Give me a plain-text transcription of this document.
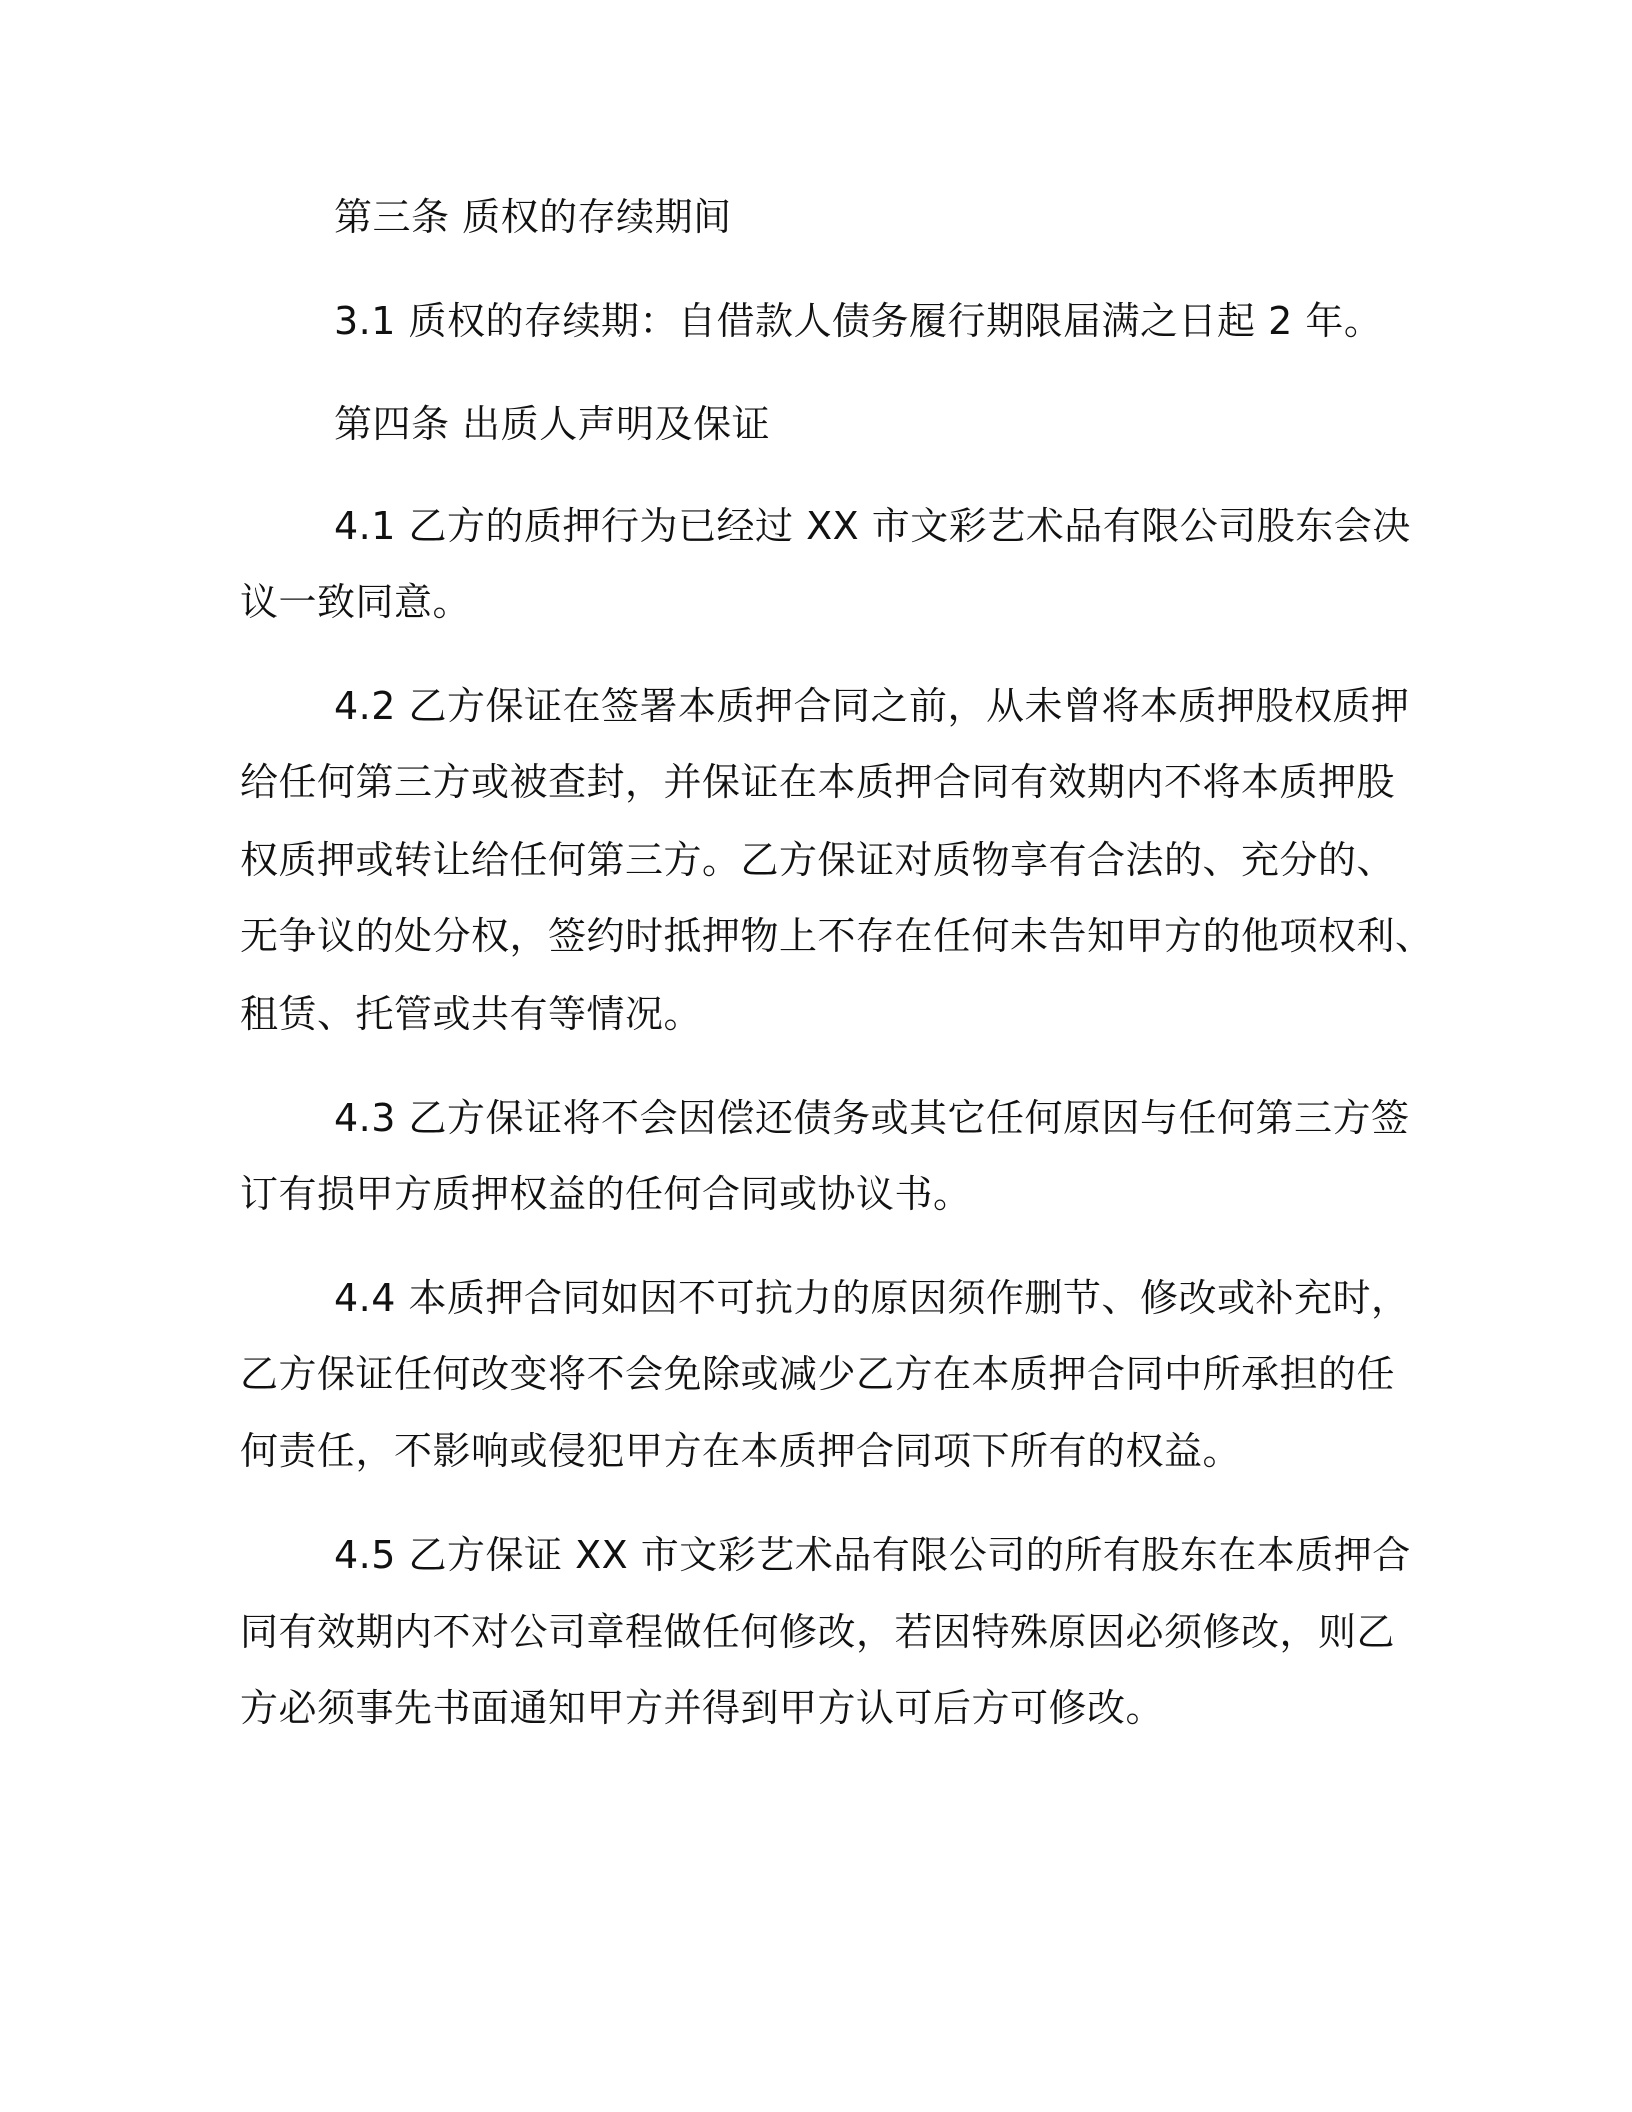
第三条 质权的存续期间
3.1 质权的存续期：自借款人债务履行期限届满之日起 2 年。
第四条 出质人声明及保证
4.1 乙方的质押行为已经过 XX 市文彩艺术品有限公司股东会决
议一致同意。
4.2 乙方保证在签署本质押合同之前，从未曾将本质押股权质押
给任何第三方或被查封，并保证在本质押合同有效期内不将本质押股
权质押或转让给任何第三方。乙方保证对质物享有合法的、充分的、
无争议的处分权，签约时抵押物上不存在任何未告知甲方的他项权利、
租赁、托管或共有等情况。
4.3 乙方保证将不会因偿还债务或其它任何原因与任何第三方签
订有损甲方质押权益的任何合同或协议书。
4.4 本质押合同如因不可抗力的原因须作删节、修改或补充时，
乙方保证任何改变将不会免除或减少乙方在本质押合同中所承担的任
何责任，不影响或侵犯甲方在本质押合同项下所有的权益。
4.5 乙方保证 XX 市文彩艺术品有限公司的所有股东在本质押合
同有效期内不对公司章程做任何修改，若因特殊原因必须修改，则乙
方必须事先书面通知甲方并得到甲方认可后方可修改。
